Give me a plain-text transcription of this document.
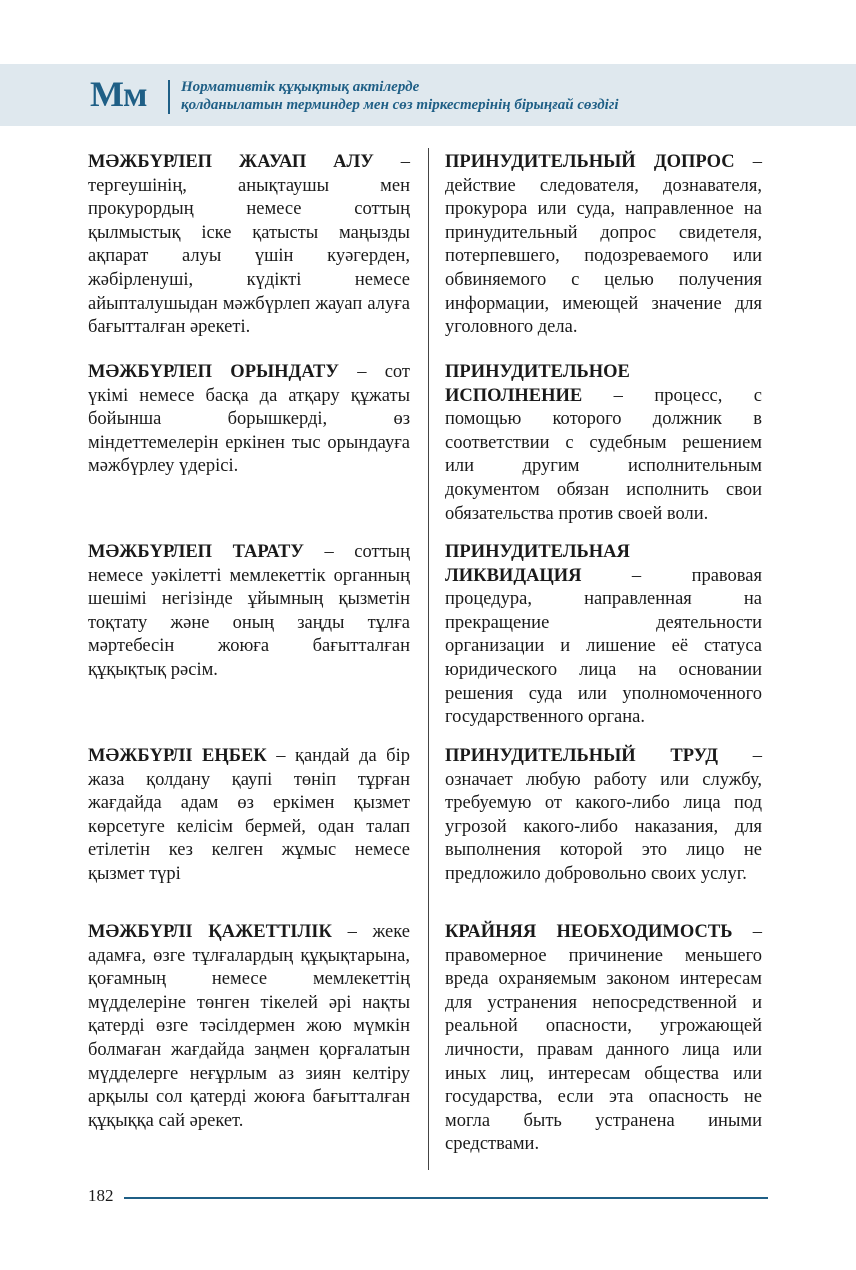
Мм Нормативтік құқықтық актілерде
қолданылатын терминдер мен сөз тіркестерінің бірыңғай сөздігі
МӘЖБҮРЛЕП ЖАУАП АЛУ – тергеушінің, анықтаушы мен прокурордың немесе соттың қылмыстық іске қатысты маңызды ақпарат алуы үшін куәгерден, жәбірленуші, күдікті немесе айыпталушыдан мәжбүрлеп жауап алуға бағытталған әрекеті.
ПРИНУДИТЕЛЬНЫЙ ДОПРОС – действие следователя, дознавателя, прокурора или суда, направленное на принудительный допрос свидетеля, потерпевшего, подозреваемого или обвиняемого с целью получения информации, имеющей значение для уголовного дела.
МӘЖБҮРЛЕП ОРЫНДАТУ – сот үкімі немесе басқа да атқару құжаты бойынша борышкерді, өз міндеттемелерін еркінен тыс орындауға мәжбүрлеу үдерісі.
ПРИНУДИТЕЛЬНОЕ ИСПОЛНЕНИЕ – процесс, с помощью которого должник в соответствии с судебным решением или другим исполнительным документом обязан исполнить свои обязательства против своей воли.
МӘЖБҮРЛЕП ТАРАТУ – соттың немесе уәкілетті мемлекеттік органның шешімі негізінде ұйымның қызметін тоқтату және оның заңды тұлға мәртебесін жоюға бағытталған құқықтық рәсім.
ПРИНУДИТЕЛЬНАЯ ЛИКВИДАЦИЯ – правовая процедура, направленная на прекращение деятельности организации и лишение её статуса юридического лица на основании решения суда или уполномоченного государственного органа.
МӘЖБҮРЛІ ЕҢБЕК – қандай да бір жаза қолдану қаупі төніп тұрған жағдайда адам өз еркімен қызмет көрсетуге келісім бермей, одан талап етілетін кез келген жұмыс немесе қызмет түрі
ПРИНУДИТЕЛЬНЫЙ ТРУД – означает любую работу или службу, требуемую от какого-либо лица под угрозой какого-либо наказания, для выполнения которой это лицо не предложило добровольно своих услуг.
МӘЖБҮРЛІ ҚАЖЕТТІЛІК – жеке адамға, өзге тұлғалардың құқықтарына, қоғамның немесе мемлекеттің мүдделеріне төнген тікелей әрі нақты қатерді өзге тәсілдермен жою мүмкін болмаған жағдайда заңмен қорғалатын мүдделерге неғұрлым аз зиян келтіру арқылы сол қатерді жоюға бағытталған құқыққа сай әрекет.
КРАЙНЯЯ НЕОБХОДИМОСТЬ – правомерное причинение меньшего вреда охраняемым законом интересам для устранения непосредственной и реальной опасности, угрожающей личности, правам данного лица или иных лиц, интересам общества или государства, если эта опасность не могла быть устранена иными средствами.
182
